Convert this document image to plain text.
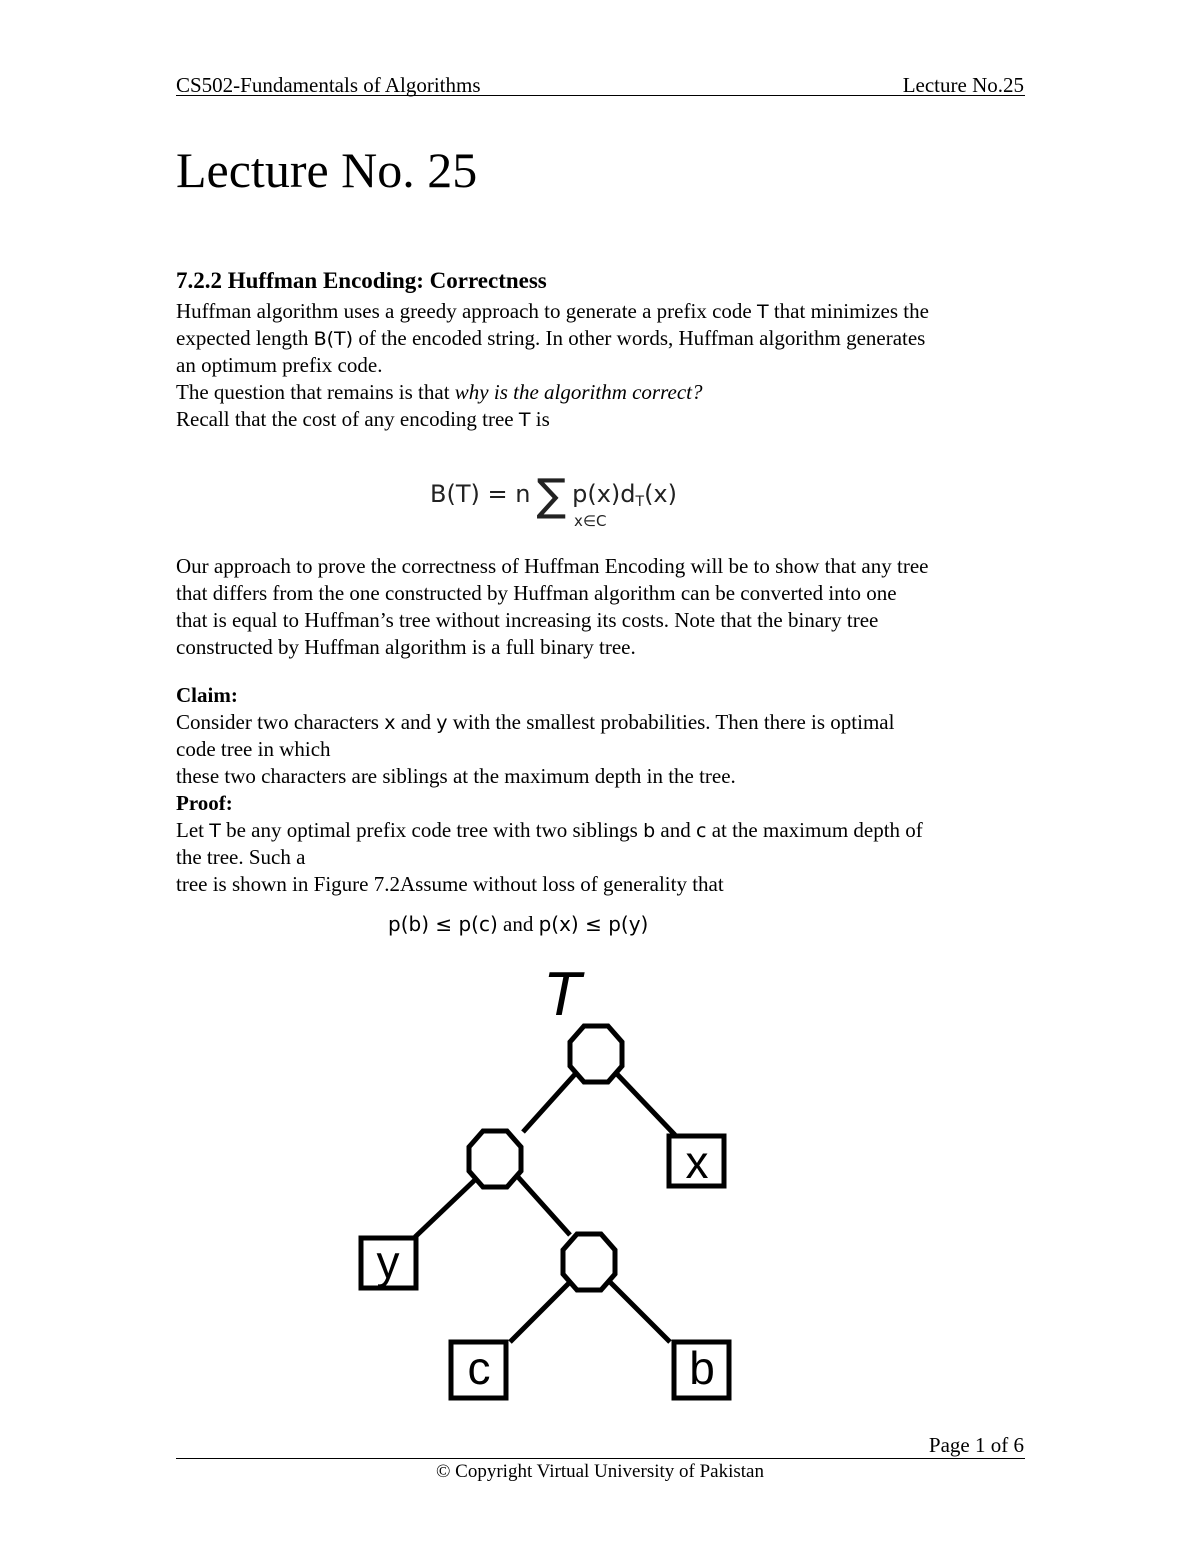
CS502-Fundamentals of Algorithms	Lecture No.25
Lecture No. 25
7.2.2 Huffman Encoding: Correctness
Huffman algorithm uses a greedy approach to generate a prefix code T that minimizes the
expected length B(T) of the encoded string. In other words, Huffman algorithm generates
an optimum prefix code.
The question that remains is that why is the algorithm correct?
Recall that the cost of any encoding tree T is
B(T) = n ∑ p(x)dT(x)
x∈C
Our approach to prove the correctness of Huffman Encoding will be to show that any tree
that differs from the one constructed by Huffman algorithm can be converted into one
that is equal to Huffman’s tree without increasing its costs. Note that the binary tree
constructed by Huffman algorithm is a full binary tree.
Claim:
Consider two characters x and y with the smallest probabilities. Then there is optimal
code tree in which
these two characters are siblings at the maximum depth in the tree.
Proof:
Let T be any optimal prefix code tree with two siblings b and c at the maximum depth of
the tree. Such a
tree is shown in Figure 7.2Assume without loss of generality that
p(b) ≤ p(c) and p(x) ≤ p(y)
T
x
y
c	b
Page 1 of 6
© Copyright Virtual University of Pakistan
